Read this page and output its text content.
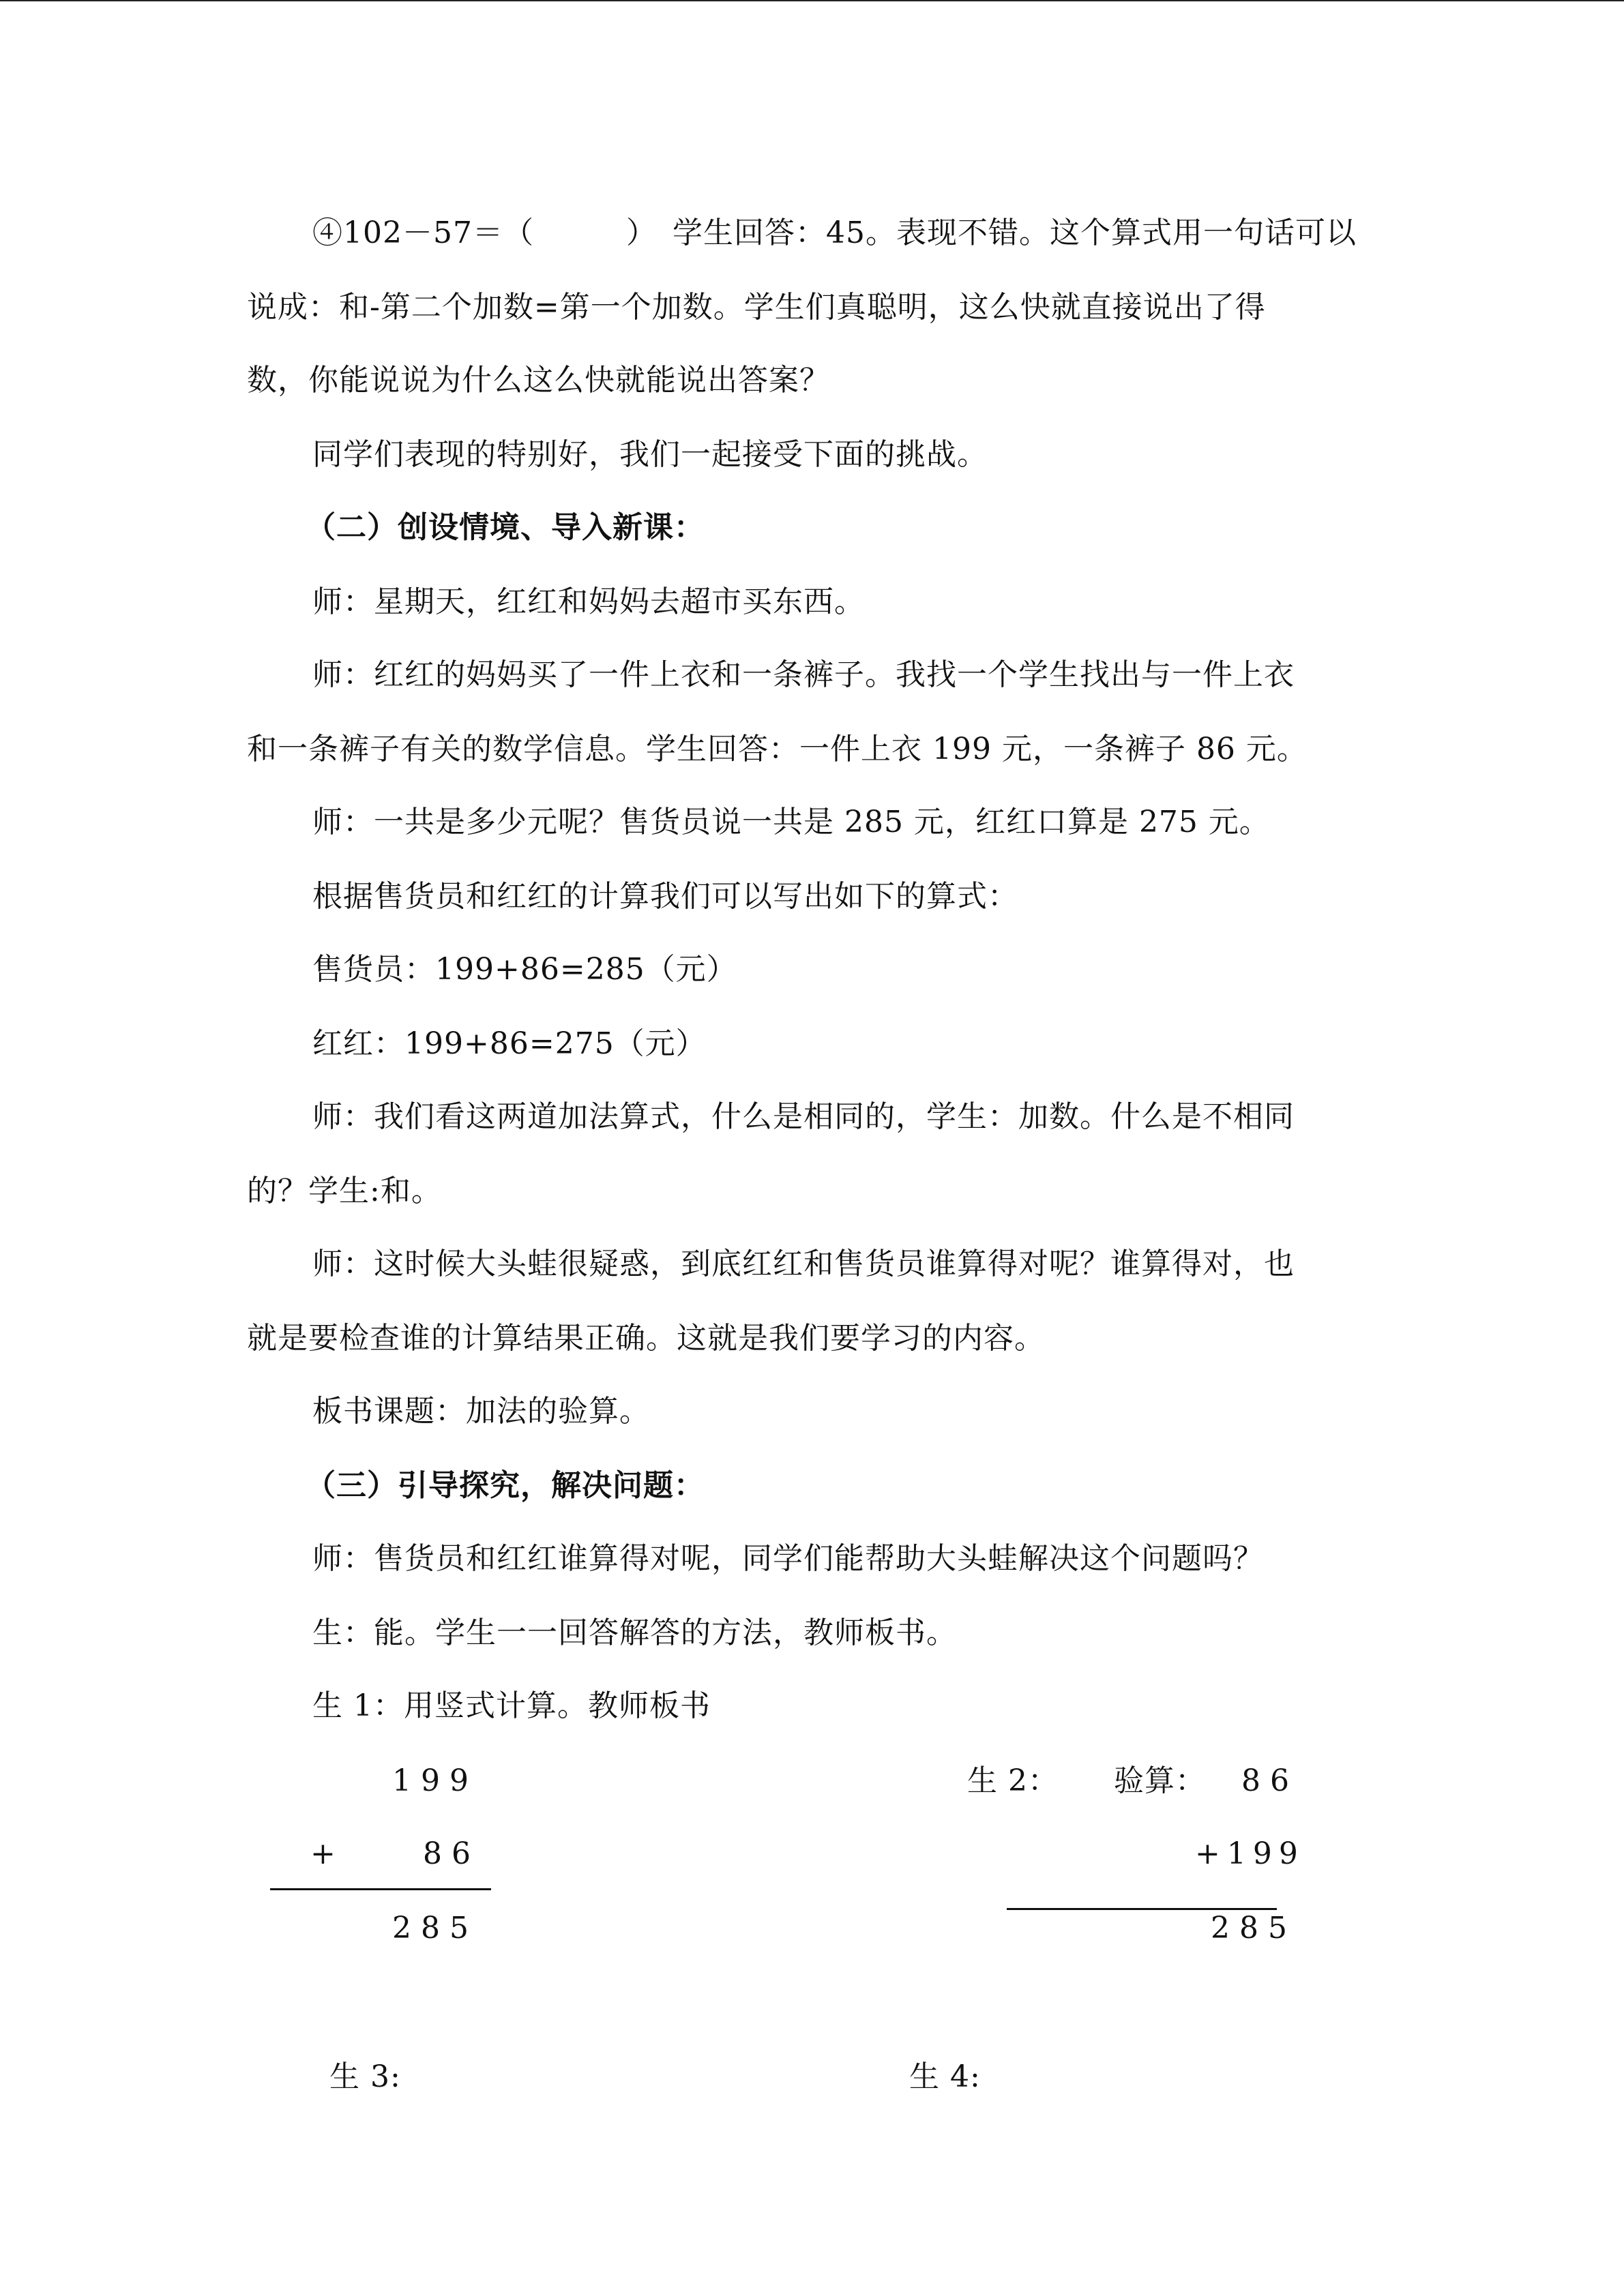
④102－57＝（　　　）　学生回答：45。表现不错。这个算式用一句话可以
说成：和-第二个加数=第一个加数。学生们真聪明，这么快就直接说出了得
数，你能说说为什么这么快就能说出答案？
同学们表现的特别好，我们一起接受下面的挑战。
（二）创设情境、导入新课：
师：星期天，红红和妈妈去超市买东西。
师：红红的妈妈买了一件上衣和一条裤子。我找一个学生找出与一件上衣
和一条裤子有关的数学信息。学生回答：一件上衣 199 元，一条裤子 86 元。
师：一共是多少元呢？售货员说一共是 285 元，红红口算是 275 元。
根据售货员和红红的计算我们可以写出如下的算式：
售货员：199+86=285（元）
红红：199+86=275（元）
师：我们看这两道加法算式，什么是相同的，学生：加数。什么是不相同
的？学生:和。
师：这时候大头蛙很疑惑，到底红红和售货员谁算得对呢？谁算得对，也
就是要检查谁的计算结果正确。这就是我们要学习的内容。
板书课题：加法的验算。
（三）引导探究，解决问题：
师：售货员和红红谁算得对呢，同学们能帮助大头蛙解决这个问题吗？
生：能。学生一一回答解答的方法，教师板书。
生 1：用竖式计算。教师板书
199
+	86
285
生 2： 验算： 86
+199
285
生 3:	生 4:
